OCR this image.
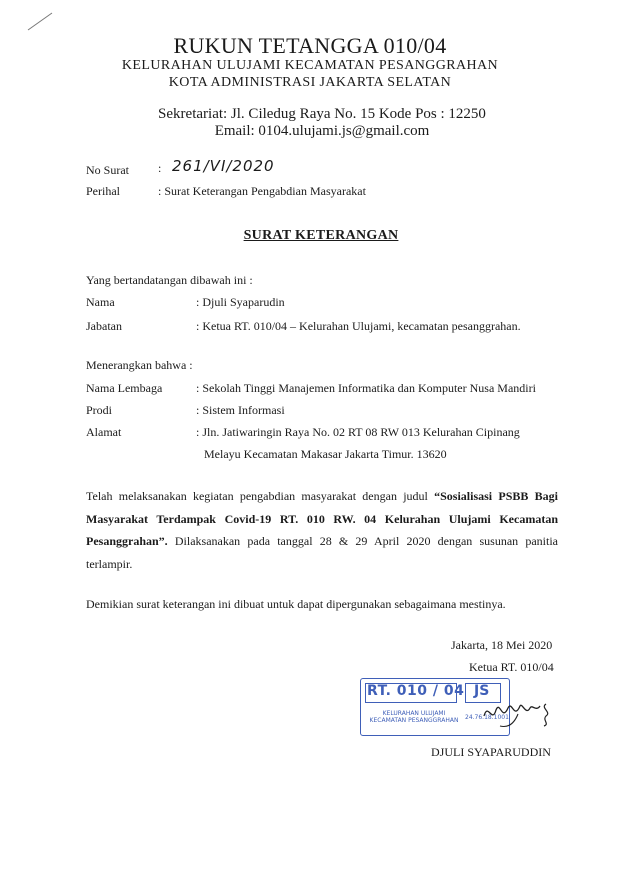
RUKUN TETANGGA 010/04
KELURAHAN ULUJAMI KECAMATAN PESANGGRAHAN
KOTA ADMINISTRASI JAKARTA SELATAN
Sekretariat: Jl. Ciledug Raya No. 15 Kode Pos : 12250
Email: 0104.ulujami.js@gmail.com
No Surat : 261/VI/2020
Perihal	: Surat Keterangan Pengabdian Masyarakat
SURAT KETERANGAN
Yang bertandatangan dibawah ini :
Nama	: Djuli Syaparudin
Jabatan	: Ketua RT. 010/04 – Kelurahan Ulujami, kecamatan pesanggrahan.
Menerangkan bahwa :
Nama Lembaga	: Sekolah Tinggi Manajemen Informatika dan Komputer Nusa Mandiri
Prodi	: Sistem Informasi
Alamat	: Jln. Jatiwaringin Raya No. 02 RT 08 RW 013 Kelurahan Cipinang
Melayu Kecamatan Makasar Jakarta Timur. 13620
Telah melaksanakan kegiatan pengabdian masyarakat dengan judul “Sosialisasi PSBB Bagi Masyarakat Terdampak Covid-19 RT. 010 RW. 04 Kelurahan Ulujami Kecamatan Pesanggrahan”. Dilaksanakan pada tanggal 28 & 29 April 2020 dengan susunan panitia terlampir.
Demikian surat keterangan ini dibuat untuk dapat dipergunakan sebagaimana mestinya.
Jakarta, 18 Mei 2020
Ketua RT. 010/04
RT. 010 / 04 JS
KELURAHAN ULUJAMI KECAMATAN PESANGGRAHAN	24.76.18.1001
DJULI SYAPARUDDIN
